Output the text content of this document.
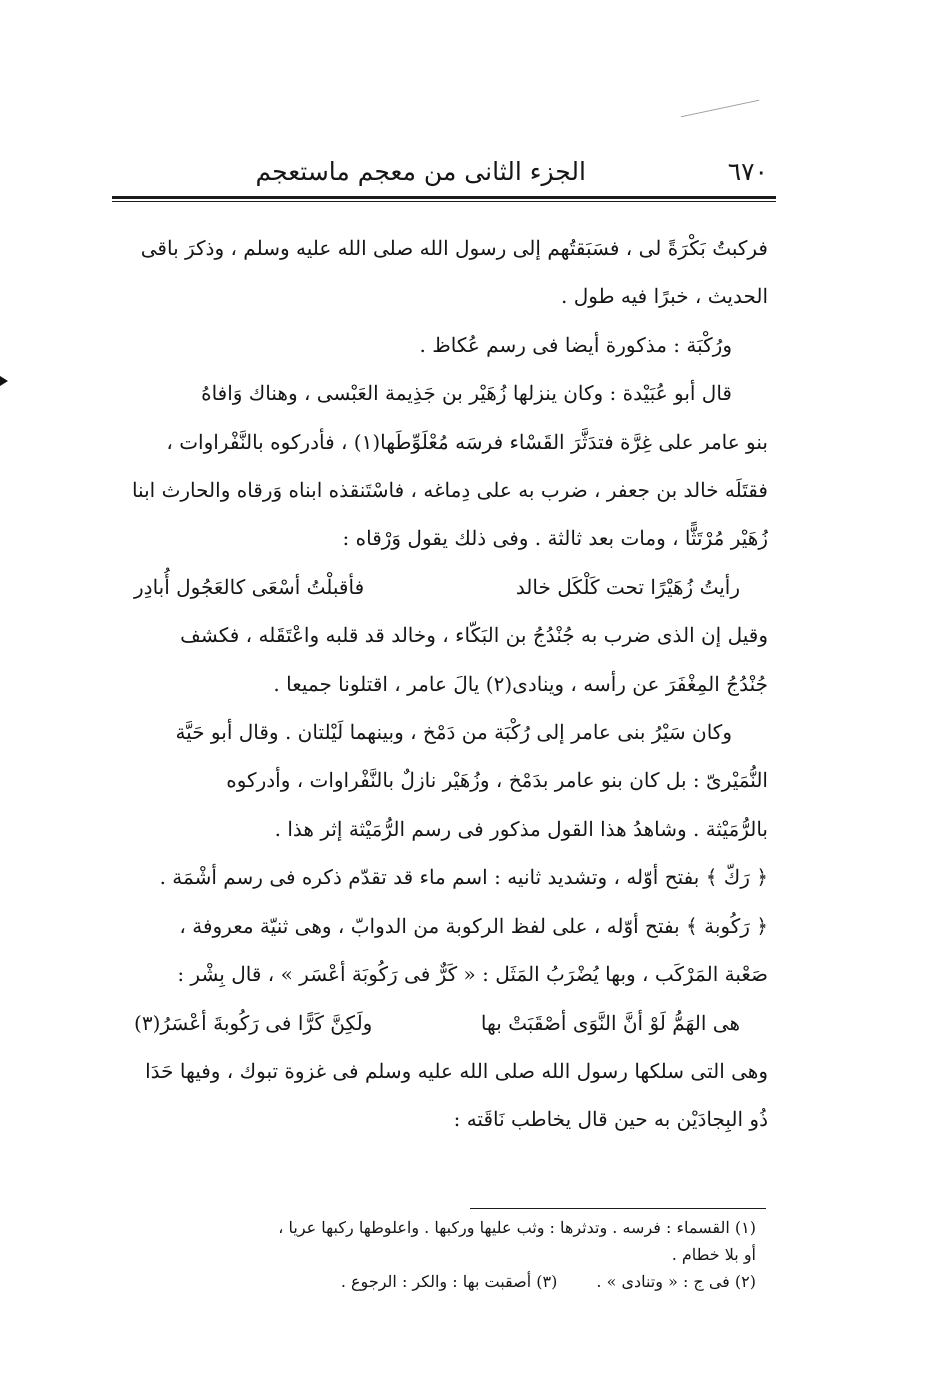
٦٧٠
الجزء الثانى من معجم ماستعجم

فركبتُ بَكْرَةً لى ، فسَبَقتُهم إلى رسول الله صلى الله عليه وسلم ، وذكرَ باقى

الحديث ، خبرًا فيه طول .

ورُكْبَة : مذكورة أيضا فى رسم عُكاظ .

قال أبو عُبَيْدة : وكان ينزلها زُهَيْر بن جَذِيمة العَبْسى ، وهناك وَافاهُ

بنو عامر على غِرَّة فتدَثَّرَ القَسْاء فرسَه مُعْلَوِّطَها(١) ، فأدركوه بالنَّفْراوات ،

فقتَلَه خالد بن جعفر ، ضرب به على دِماغه ، فاسْتَنقذه ابناه وَرقاه والحارث ابنا

زُهَيْر مُرْتَثًّا ، ومات بعد ثالثة . وفى ذلك يقول وَرْقاه :

رأيتُ زُهَيْرًا تحت كَلْكَل خالد
فأقبلْتُ أسْعَى كالعَجُول أُبادِر

وقيل إن الذى ضرب به جُنْدُجُ بن البَكّاء ، وخالد قد قلبه واعْتَقَله ، فكشف

جُنْدُجُ المِغْفَرَ عن رأسه ، وينادى(٢) يالَ عامر ، اقتلونا جميعا .

وكان سَيْرُ بنى عامر إلى رُكْبَة من دَمْخ ، وبينهما لَيْلتان . وقال أبو حَيَّة

النُّمَيْرىّ : بل كان بنو عامر بدَمْخ ، وزُهَيْر نازلٌ بالنَّفْراوات ، وأدركوه

بالرُّمَيْثة . وشاهدُ هذا القول مذكور فى رسم الرُّمَيْثة إثر هذا .

﴿ رَكّ ﴾ بفتح أوّله ، وتشديد ثانيه : اسم ماء قد تقدّم ذكره فى رسم أشْمَة .

﴿ رَكُوبة ﴾ بفتح أوّله ، على لفظ الركوبة من الدوابّ ، وهى ثنيّة معروفة ،

صَعْبة المَرْكَب ، وبها يُضْرَبُ المَثَل : « كَرٌّ فى رَكُوبَة أعْسَر » ، قال بِشْر :

هى الهَمُّ لَوْ أنَّ النَّوَى أصْقَبَتْ بها
ولَكِنَّ كَرًّا فى رَكُوبةَ أعْسَرُ(٣)

وهى التى سلكها رسول الله صلى الله عليه وسلم فى غزوة تبوك ، وفيها حَدَا

ذُو البِجادَيْن به حين قال يخاطب نَاقَته :

(١) القسماء : فرسه . وتدثرها : وثب عليها وركبها . واعلوطها ركبها عريا ،

أو بلا خطام .

(٢) فى ج : « وتنادى » . (٣) أصقبت بها : والكر : الرجوع .
